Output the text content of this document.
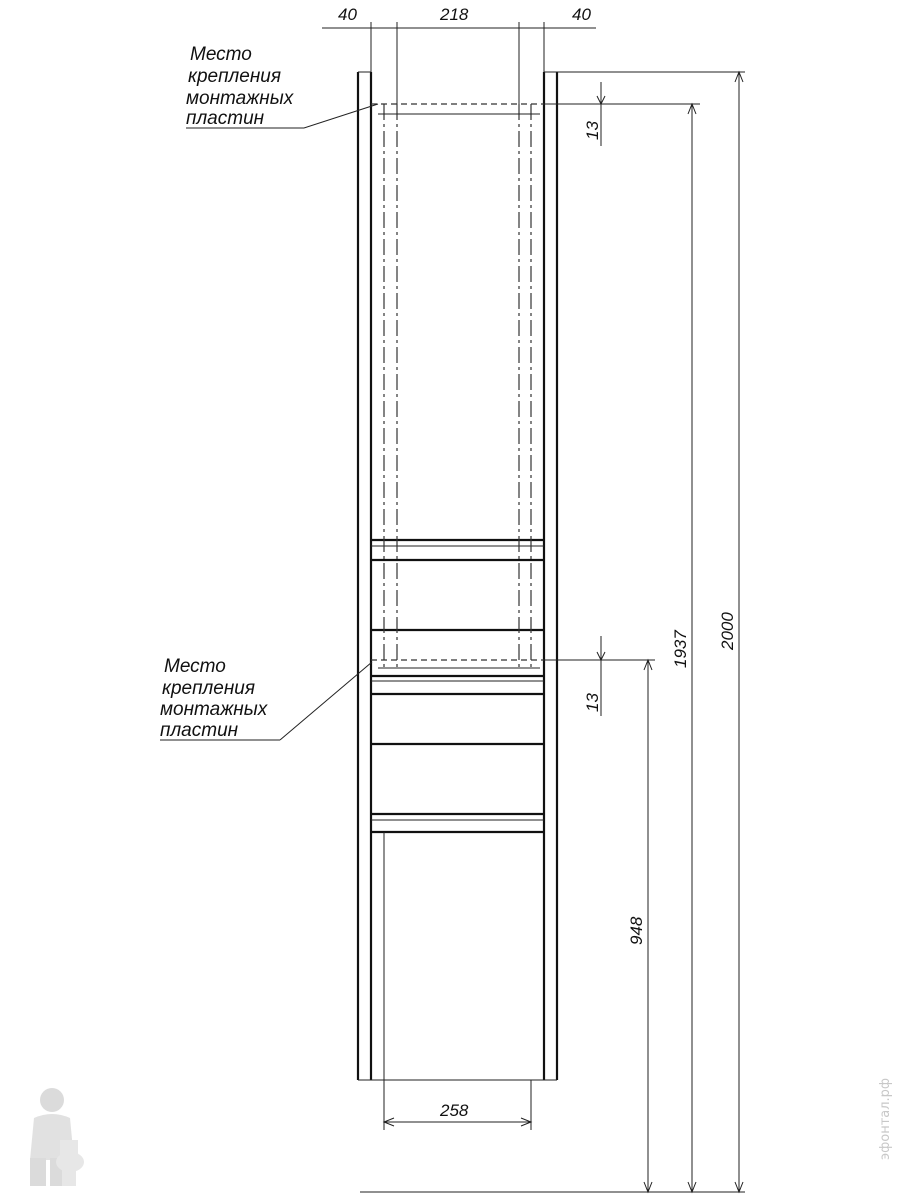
40	218	40
13
13
948
1937 2000
258
Место
крепления
монтажных
пластин
Место
крепления
монтажных
пластин
эфонтал.рф
